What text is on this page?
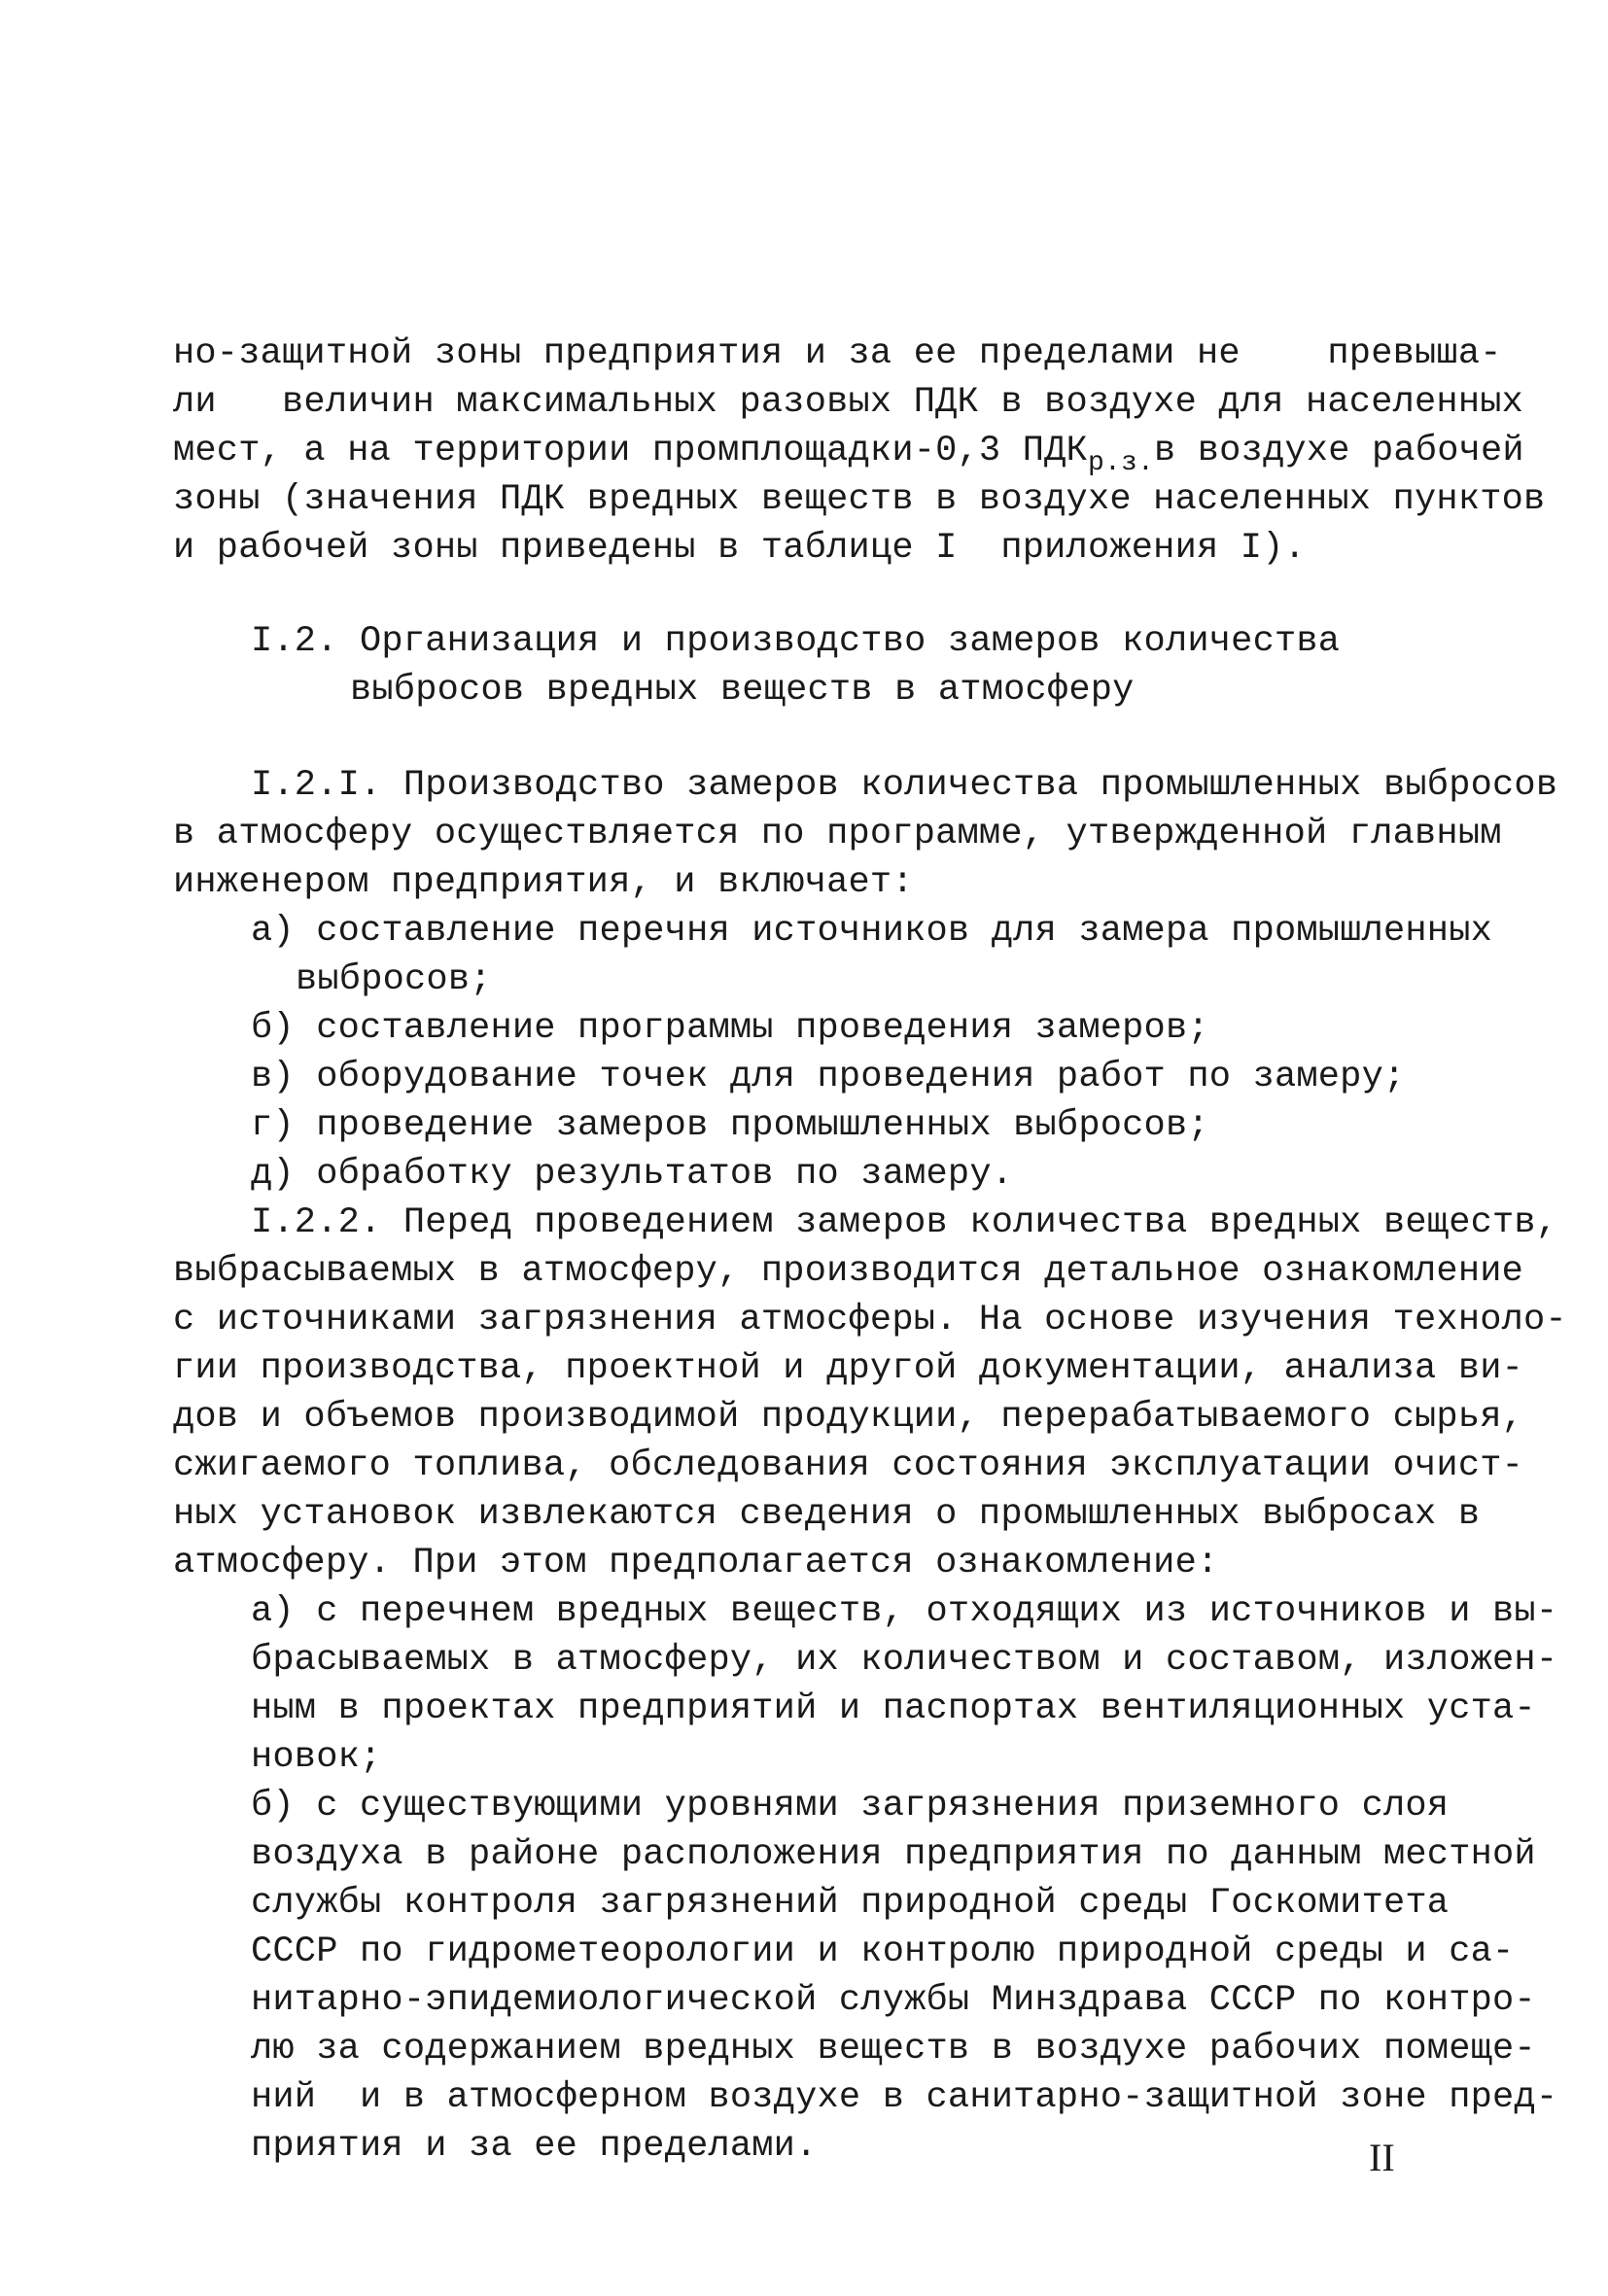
но-защитной зоны предприятия и за ее пределами не    превыша-
ли   величин максимальных разовых ПДК в воздухе для населенных
мест, а на территории промплощадки-0,3 $ПДК_{р.з.}в$ воздухе рабочей
зоны (значения ПДК вредных веществ в воздухе населенных пунктов
и рабочей зоны приведены в таблице I  приложения I).
I.2. Организация и производство замеров количества
выбросов вредных веществ в атмосферу
I.2.I. Производство замеров количества промышленных выбросов
в атмосферу осуществляется по программе, утвержденной главным
инженером предприятия, и включает:
а) составление перечня источников для замера промышленных
выбросов;
б) составление программы проведения замеров;
в) оборудование точек для проведения работ по замеру;
г) проведение замеров промышленных выбросов;
д) обработку результатов по замеру.
I.2.2. Перед проведением замеров количества вредных веществ,
выбрасываемых в атмосферу, производится детальное ознакомление
с источниками загрязнения атмосферы. На основе изучения техноло-
гии производства, проектной и другой документации, анализа ви-
дов и объемов производимой продукции, перерабатываемого сырья,
сжигаемого топлива, обследования состояния эксплуатации очист-
ных установок извлекаются сведения о промышленных выбросах в
атмосферу. При этом предполагается ознакомление:
а) с перечнем вредных веществ, отходящих из источников и вы-
брасываемых в атмосферу, их количеством и составом, изложен-
ным в проектах предприятий и паспортах вентиляционных уста-
новок;
б) с существующими уровнями загрязнения приземного слоя
воздуха в районе расположения предприятия по данным местной
службы контроля загрязнений природной среды Госкомитета
СССР по гидрометеорологии и контролю природной среды и са-
нитарно-эпидемиологической службы Минздрава СССР по контро-
лю за содержанием вредных веществ в воздухе рабочих помеще-
ний  и в атмосферном воздухе в санитарно-защитной зоне пред-
приятия и за ее пределами.	II
